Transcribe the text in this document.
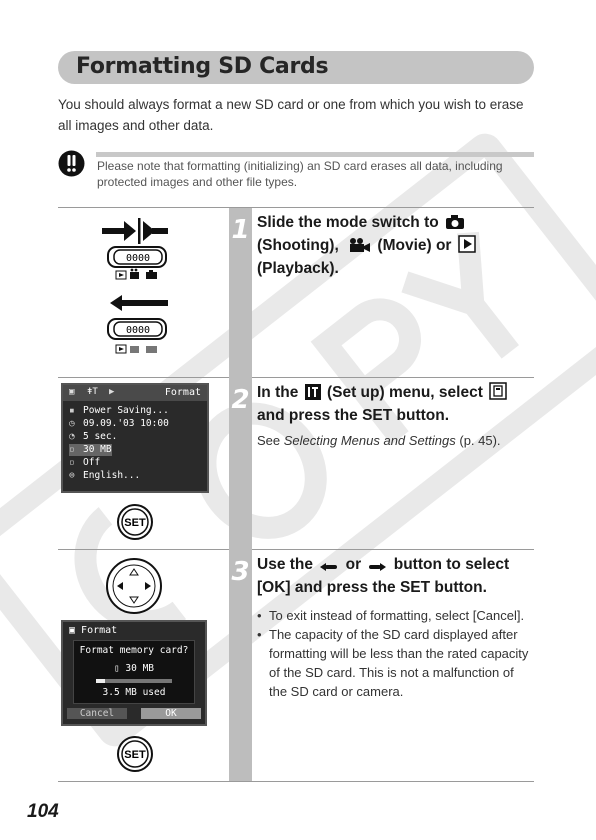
Formatting SD Cards
You should always format a new SD card or one from which you wish to erase all images and other data.
Please note that formatting (initializing) an SD card erases all data, including protected images and other file types.
0000
0000
1 Slide the mode switch to
(Shooting), (Movie) or
(Playback).
▣ ǂT ▶	Format
▪ Power Saving...
◷ 09.09.'03 10:00
◔ 5 sec.
▫ 30 MB
▫ Off
⊜ English...
SET
2 In the (Set up) menu, select
and press the SET button.
See Selecting Menus and Settings (p. 45).
▣ Format
Format memory card?
▯ 30 MB
3.5 MB used
Cancel	OK
SET
3 Use the or button to select
[OK] and press the SET button.
• To exit instead of formatting, select [Cancel].
• The capacity of the SD card displayed after formatting will be less than the rated capacity of the SD card. This is not a malfunction of the SD card or camera.
104
